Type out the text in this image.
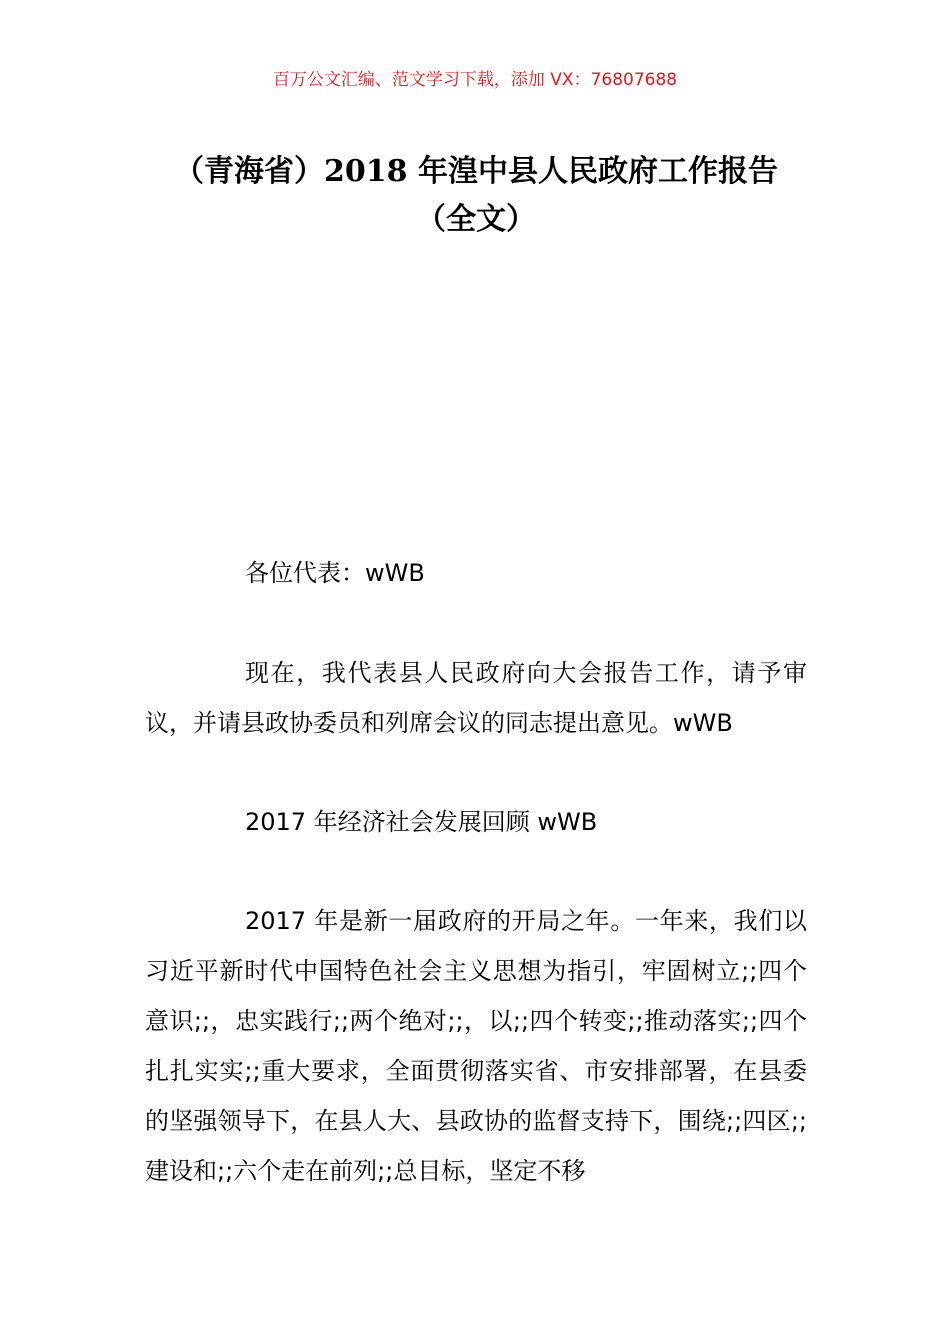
百万公文汇编、范文学习下载，添加 VX：76807688
（青海省）2018 年湟中县人民政府工作报告（全文）

各位代表：wWB

现在，我代表县人民政府向大会报告工作，请予审议，并请县政协委员和列席会议的同志提出意见。wWB

2017 年经济社会发展回顾 wWB

2017 年是新一届政府的开局之年。一年来，我们以习近平新时代中国特色社会主义思想为指引，牢固树立;;四个意识;;，忠实践行;;两个绝对;;，以;;四个转变;;推动落实;;四个扎扎实实;;重大要求，全面贯彻落实省、市安排部署，在县委的坚强领导下，在县人大、县政协的监督支持下，围绕;;四区;;建设和;;六个走在前列;;总目标，坚定不移
